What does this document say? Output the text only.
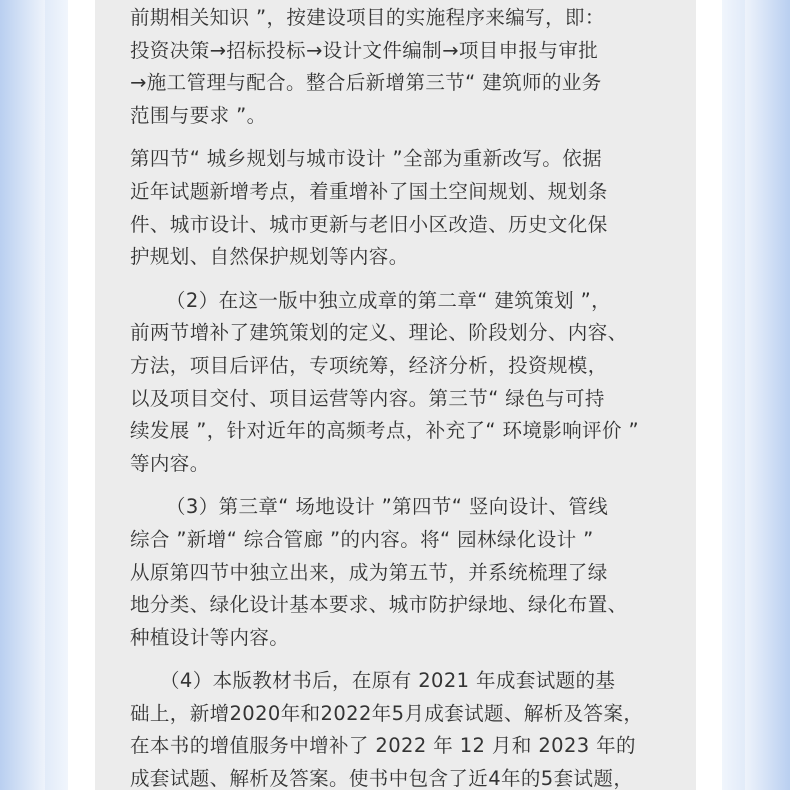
前期相关知识 ”，按建设项目的实施程序来编写，即：
投资决策→招标投标→设计文件编制→项目申报与审批
→施工管理与配合。整合后新增第三节“ 建筑师的业务
范围与要求 ”。
第四节“ 城乡规划与城市设计 ”全部为重新改写。依据
近年试题新增考点，着重增补了国土空间规划、规划条
件、城市设计、城市更新与老旧小区改造、历史文化保
护规划、自然保护规划等内容。
（2）在这一版中独立成章的第二章“ 建筑策划 ”，
前两节增补了建筑策划的定义、理论、阶段划分、内容、
方法，项目后评估，专项统筹，经济分析，投资规模，
以及项目交付、项目运营等内容。第三节“ 绿色与可持
续发展 ”，针对近年的高频考点，补充了“ 环境影响评价 ”
等内容。
（3）第三章“ 场地设计 ”第四节“ 竖向设计、管线
综合 ”新增“ 综合管廊 ”的内容。将“ 园林绿化设计 ”
从原第四节中独立出来，成为第五节，并系统梳理了绿
地分类、绿化设计基本要求、城市防护绿地、绿化布置、
种植设计等内容。
（4）本版教材书后，在原有 2021 年成套试题的基
础上，新增2020年和2022年5月成套试题、解析及答案，
在本书的增值服务中增补了 2022 年 12 月和 2023 年的
成套试题、解析及答案。使书中包含了近4年的5套试题，
